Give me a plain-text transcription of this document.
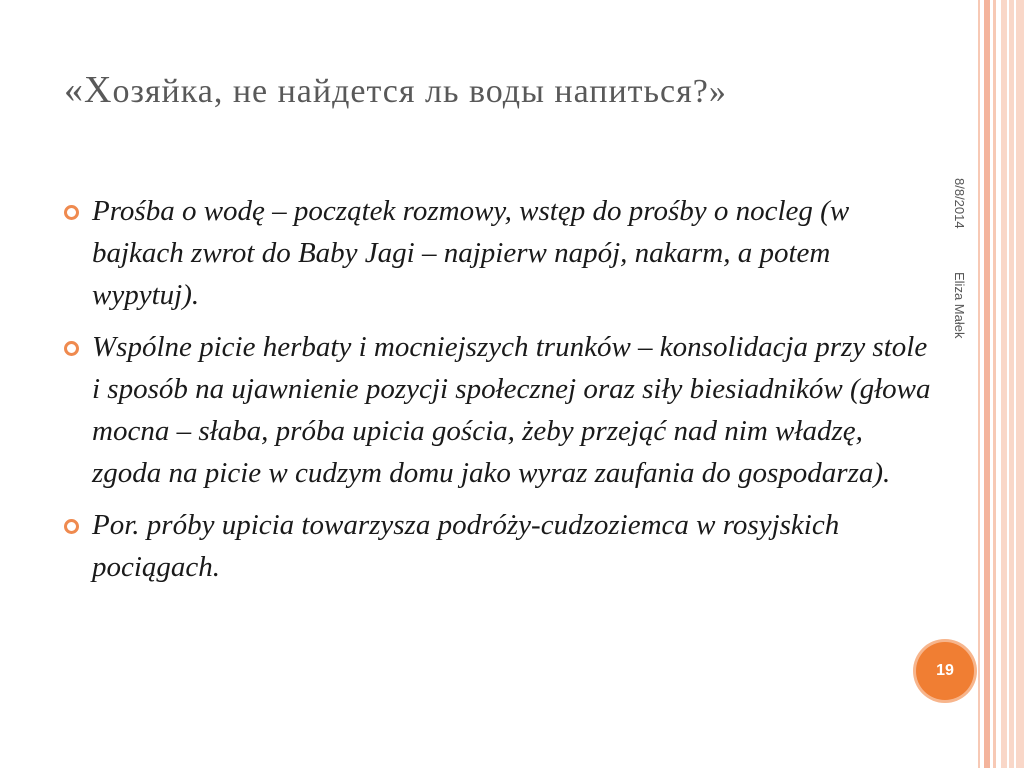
«Хозяйка, не найдется ль воды напиться?»
Prośba o wodę – początek rozmowy, wstęp do prośby o nocleg (w bajkach zwrot do Baby Jagi – najpierw napój, nakarm, a potem wypytuj).
Wspólne picie herbaty i mocniejszych trunków – konsolidacja przy stole i sposób na ujawnienie pozycji społecznej oraz siły biesiadników (głowa mocna – słaba, próba upicia gościa, żeby przejąć nad nim władzę, zgoda na picie w cudzym domu jako wyraz zaufania do gospodarza).
Por. próby upicia towarzysza podróży-cudzoziemca w rosyjskich pociągach.
8/8/2014
Eliza Małek
19
